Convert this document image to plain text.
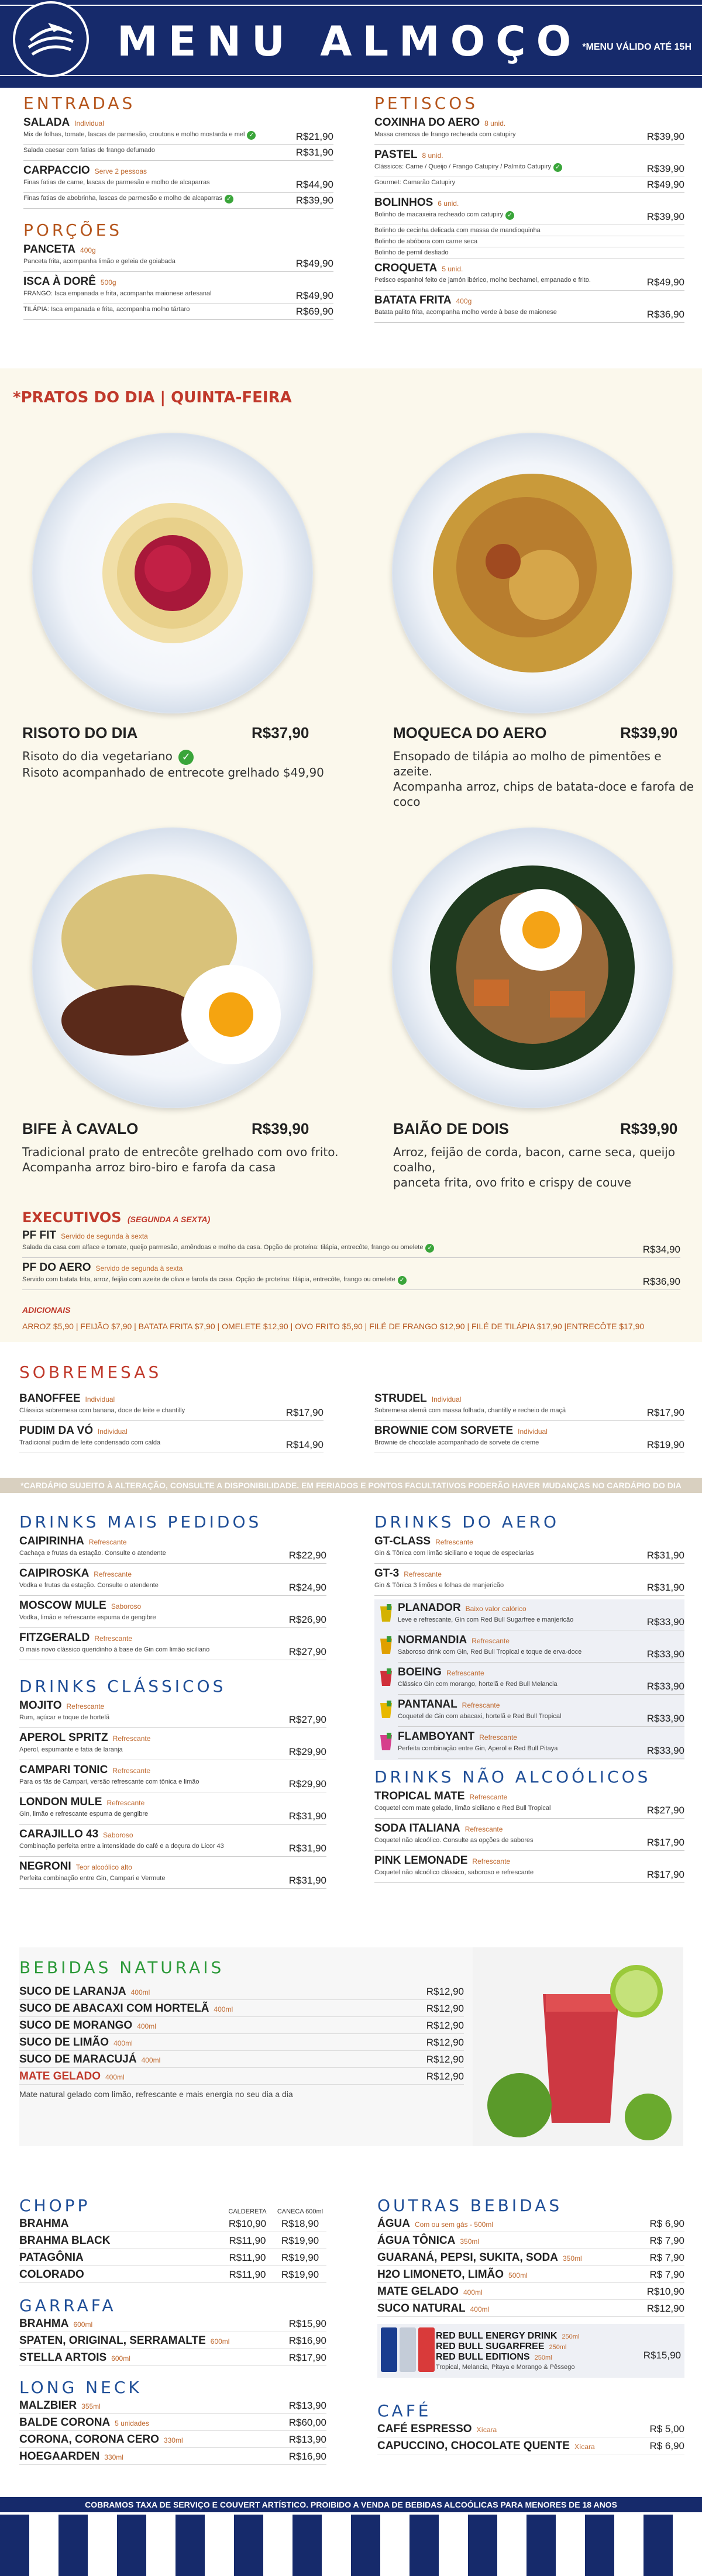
MENU ALMOÇO *MENU VÁLIDO ATÉ 15H
ENTRADAS
SALADA Individual
Mix de folhas, tomate, lascas de parmesão, croutons e molho mostarda e mel ✓	R$21,90
Salada caesar com fatias de frango defumado	R$31,90
CARPACCIO Serve 2 pessoas
Finas fatias de carne, lascas de parmesão e molho de alcaparras	R$44,90
Finas fatias de abobrinha, lascas de parmesão e molho de alcaparras ✓	R$39,90
PORÇÕES
PANCETA 400g
Panceta frita, acompanha limão e geleia de goiabada	R$49,90
ISCA À DORÊ 500g
FRANGO: Isca empanada e frita, acompanha maionese artesanal	R$49,90
TILÁPIA: Isca empanada e frita, acompanha molho tártaro	R$69,90
PETISCOS
COXINHA DO AERO 8 unid.
Massa cremosa de frango recheada com catupiry	R$39,90
PASTEL 8 unid.
Clássicos: Carne / Queijo / Frango Catupiry / Palmito Catupiry ✓	R$39,90
Gourmet: Camarão Catupiry	R$49,90
BOLINHOS 6 unid.
Bolinho de macaxeira recheado com catupiry ✓	R$39,90
Bolinho de cecinha delicada com massa de mandioquinha
Bolinho de abóbora com carne seca
Bolinho de pernil desfiado
CROQUETA 5 unid.
Petisco espanhol feito de jamón ibérico, molho bechamel, empanado e frito.	R$49,90
BATATA FRITA 400g
Batata palito frita, acompanha molho verde à base de maionese	R$36,90
*PRATOS DO DIA | QUINTA-FEIRA
RISOTO DO DIA	R$37,90
Risoto do dia vegetariano ✓
Risoto acompanhado de entrecote grelhado $49,90
MOQUECA DO AERO	R$39,90
Ensopado de tilápia ao molho de pimentões e azeite.
Acompanha arroz, chips de batata-doce e farofa de coco
BIFE À CAVALO	R$39,90
Tradicional prato de entrecôte grelhado com ovo frito.
Acompanha arroz biro-biro e farofa da casa
BAIÃO DE DOIS	R$39,90
Arroz, feijão de corda, bacon, carne seca, queijo coalho,
panceta frita, ovo frito e crispy de couve
EXECUTIVOS (SEGUNDA A SEXTA)
PF FIT Servido de segunda à sexta
Salada da casa com alface e tomate, queijo parmesão, amêndoas e molho da casa. Opção de proteína: tilápia, entrecôte, frango ou omelete ✓	R$34,90
PF DO AERO Servido de segunda à sexta
Servido com batata frita, arroz, feijão com azeite de oliva e farofa da casa. Opção de proteína: tilápia, entrecôte, frango ou omelete ✓	R$36,90
ADICIONAIS
ARROZ $5,90 | FEIJÃO $7,90 | BATATA FRITA $7,90 | OMELETE $12,90 | OVO FRITO $5,90 | FILÉ DE FRANGO $12,90 | FILÉ DE TILÁPIA $17,90 |ENTRECÔTE $17,90
SOBREMESAS
BANOFFEE Individual
Clássica sobremesa com banana, doce de leite e chantilly	R$17,90
PUDIM DA VÓ Individual
Tradicional pudim de leite condensado com calda	R$14,90
STRUDEL Individual
Sobremesa alemã com massa folhada, chantilly e recheio de maçã	R$17,90
BROWNIE COM SORVETE Individual
Brownie de chocolate acompanhado de sorvete de creme	R$19,90
*CARDÁPIO SUJEITO À ALTERAÇÃO, CONSULTE A DISPONIBILIDADE. EM FERIADOS E PONTOS FACULTATIVOS PODERÃO HAVER MUDANÇAS NO CARDÁPIO DO DIA
DRINKS MAIS PEDIDOS
CAIPIRINHA Refrescante
Cachaça e frutas da estação. Consulte o atendente	R$22,90
CAIPIROSKA Refrescante
Vodka e frutas da estação. Consulte o atendente	R$24,90
MOSCOW MULE Saboroso
Vodka, limão e refrescante espuma de gengibre	R$26,90
FITZGERALD Refrescante
O mais novo clássico queridinho à base de Gin com limão siciliano	R$27,90
DRINKS CLÁSSICOS
MOJITO Refrescante
Rum, açúcar e toque de hortelã	R$27,90
APEROL SPRITZ Refrescante
Aperol, espumante e fatia de laranja	R$29,90
CAMPARI TONIC Refrescante
Para os fãs de Campari, versão refrescante com tônica e limão	R$29,90
LONDON MULE Refrescante
Gin, limão e refrescante espuma de gengibre	R$31,90
CARAJILLO 43 Saboroso
Combinação perfeita entre a intensidade do café e a doçura do Licor 43	R$31,90
NEGRONI Teor alcoólico alto
Perfeita combinação entre Gin, Campari e Vermute	R$31,90
DRINKS DO AERO
GT-CLASS Refrescante
Gin & Tônica com limão siciliano e toque de especiarias	R$31,90
GT-3 Refrescante
Gin & Tônica 3 limões e folhas de manjericão	R$31,90
PLANADOR Baixo valor calórico
Leve e refrescante, Gin com Red Bull Sugarfree e manjericão	R$33,90
NORMANDIA Refrescante
Saboroso drink com Gin, Red Bull Tropical e toque de erva-doce	R$33,90
BOEING Refrescante
Clássico Gin com morango, hortelã e Red Bull Melancia	R$33,90
PANTANAL Refrescante
Coquetel de Gin com abacaxi, hortelã e Red Bull Tropical	R$33,90
FLAMBOYANT Refrescante
Perfeita combinação entre Gin, Aperol e Red Bull Pitaya	R$33,90
DRINKS NÃO ALCOÓLICOS
TROPICAL MATE Refrescante
Coquetel com mate gelado, limão siciliano e Red Bull Tropical	R$27,90
SODA ITALIANA Refrescante
Coquetel não alcoólico. Consulte as opções de sabores	R$17,90
PINK LEMONADE Refrescante
Coquetel não alcoólico clássico, saboroso e refrescante	R$17,90
BEBIDAS NATURAIS
SUCO DE LARANJA 400ml	R$12,90
SUCO DE ABACAXI COM HORTELÃ 400ml	R$12,90
SUCO DE MORANGO 400ml	R$12,90
SUCO DE LIMÃO 400ml	R$12,90
SUCO DE MARACUJÁ 400ml	R$12,90
MATE GELADO 400ml	R$12,90
Mate natural gelado com limão, refrescante e mais energia no seu dia a dia
CHOPP	CALDERETA	CANECA 600ml
BRAHMA	R$10,90	R$18,90
BRAHMA BLACK	R$11,90	R$19,90
PATAGÔNIA	R$11,90	R$19,90
COLORADO	R$11,90	R$19,90
GARRAFA
BRAHMA 600ml	R$15,90
SPATEN, ORIGINAL, SERRAMALTE 600ml	R$16,90
STELLA ARTOIS 600ml	R$17,90
LONG NECK
MALZBIER 355ml	R$13,90
BALDE CORONA 5 unidades	R$60,00
CORONA, CORONA CERO 330ml	R$13,90
HOEGAARDEN 330ml	R$16,90
OUTRAS BEBIDAS
ÁGUA Com ou sem gás - 500ml	R$ 6,90
ÁGUA TÔNICA 350ml	R$ 7,90
GUARANÁ, PEPSI, SUKITA, SODA 350ml	R$ 7,90
H2O LIMONETO, LIMÃO 500ml	R$ 7,90
MATE GELADO 400ml	R$10,90
SUCO NATURAL 400ml	R$12,90
RED BULL ENERGY DRINK 250ml
RED BULL SUGARFREE 250ml
RED BULL EDITIONS 250ml
Tropical, Melancia, Pitaya e Morango & Pêssego
R$15,90
CAFÉ
CAFÉ ESPRESSO Xícara	R$ 5,00
CAPUCCINO, CHOCOLATE QUENTE Xícara	R$ 6,90
COBRAMOS TAXA DE SERVIÇO E COUVERT ARTÍSTICO. PROIBIDO A VENDA DE BEBIDAS ALCOÓLICAS PARA MENORES DE 18 ANOS
